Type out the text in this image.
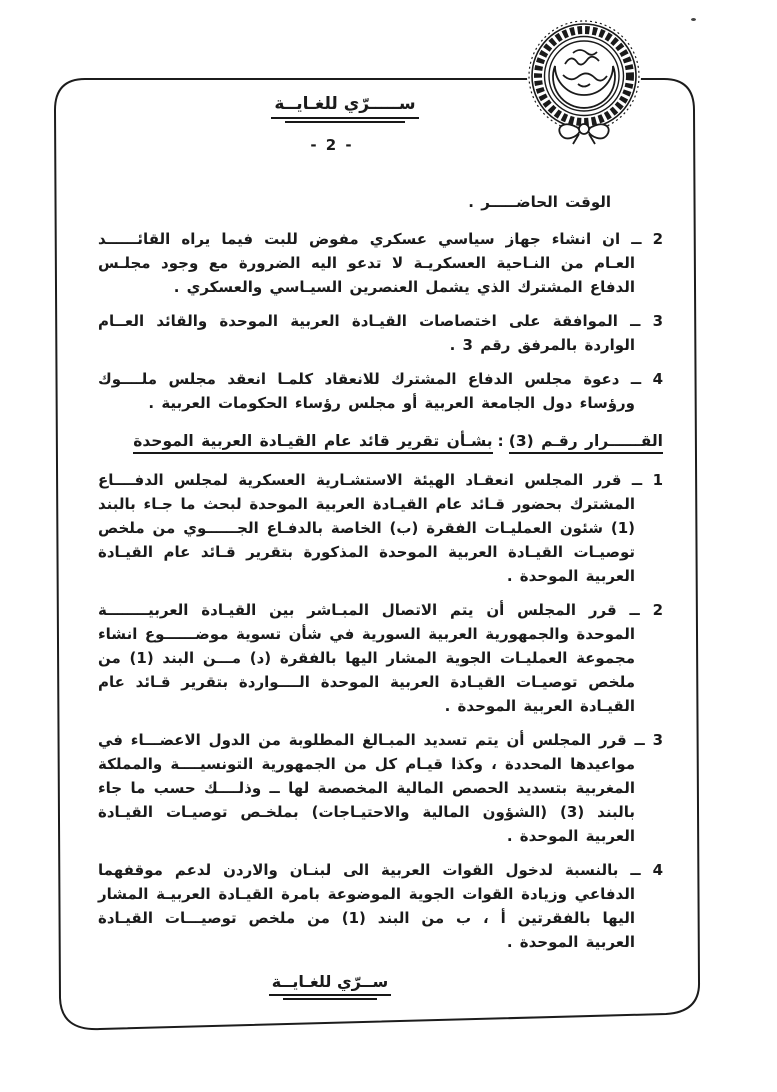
ســـــرّي للغـايــة
- 2 -

الوقت الحاضـــــر .

2 ــ ان انشاء جهاز سياسي عسكري مفوض للبت فيما يراه القائــــــد العـام من النـاحية العسكريـة لا تدعو اليه الضرورة مع وجود مجلـس الدفاع المشترك الذي يشمل العنصرين السيـاسي والعسكري .

3 ــ الموافقة على اختصاصات القيـادة العربية الموحدة والقائد العــام الواردة بالمرفق رقم 3 .

4 ــ دعوة مجلس الدفاع المشترك للانعقاد كلمـا انعقد مجلس ملــــوك ورؤساء دول الجامعة العربية أو مجلس رؤساء الحكومات العربية .

القــــــرار رقـم (3):بشـأن تقرير قائد عام القيـادة العربية الموحدة

1 ــ قرر المجلس انعقـاد الهيئة الاستشـارية العسكرية لمجلس الدفــــاع المشترك بحضور قـائد عام القيـادة العربية الموحدة لبحث ما جـاء بالبند (1) شئون العمليـات الفقرة (ب) الخاصة بالدفـاع الجــــــوي من ملخص توصيـات القيـادة العربية الموحدة المذكورة بتقرير قـائد عام القيـادة العربية الموحدة .

2 ــ قرر المجلس أن يتم الاتصال المبـاشر بين القيـادة العربيــــــــة الموحدة والجمهورية العربية السورية في شأن تسوية موضــــــوع انشاء مجموعة العمليـات الجوية المشار اليها بالفقرة (د) مـــن البند (1) من ملخص توصيـات القيـادة العربية الموحدة الــــواردة بتقرير قـائد عام القيـادة العربية الموحدة .

3 ــ قرر المجلس أن يتم تسديد المبـالغ المطلوبة من الدول الاعضـــاء في مواعيدها المحددة ، وكذا قيـام كل من الجمهورية التونسيــــة والمملكة المغربية بتسديد الحصص المالية المخصصة لها ــ وذلــــك حسب ما جاء بالبند (3) (الشؤون المالية والاحتيـاجات) بملخـص توصيـات القيـادة العربية الموحدة .

4 ــ بالنسبة لدخول القوات العربية الى لبنـان والاردن لدعم موقفهما الدفاعي وزيادة القوات الجوية الموضوعة بامرة القيـادة العربيـة المشار اليها بالفقرتين أ ، ب من البند (1) من ملخص توصيـــات القيـادة العربية الموحدة .

ســرّي للغـايــة
